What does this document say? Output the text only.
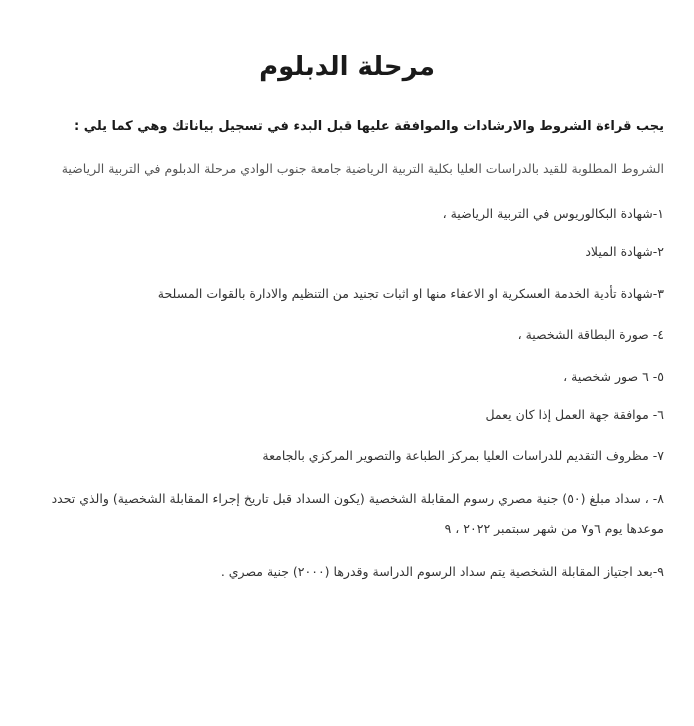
مرحلة الدبلوم
يجب قراءة الشروط والارشادات والموافقة عليها قبل البدء في تسجيل بياناتك وهي كما يلي :
الشروط المطلوبة للقيد بالدراسات العليا بكلية التربية الرياضية جامعة جنوب الوادي مرحلة الدبلوم في التربية الرياضية
١-شهادة البكالوريوس في التربية الرياضية ،
٢-شهادة الميلاد
٣-شهادة تأدية الخدمة العسكرية او الاعفاء منها او اثبات تجنيد من التنظيم والادارة بالقوات المسلحة
٤- صورة البطاقة الشخصية ،
٥- ٦ صور شخصية ،
٦- موافقة جهة العمل إذا كان يعمل
٧- مظروف التقديم للدراسات العليا بمركز الطباعة والتصوير المركزي بالجامعة
٨- ، سداد مبلغ (٥٠) جنية مصري رسوم المقابلة الشخصية (يكون السداد قبل تاريخ إجراء المقابلة الشخصية) والذي تحدد
موعدها يوم ٦و٧ من شهر سبتمبر ٢٠٢٢ ، ٩
٩-بعد اجتياز المقابلة الشخصية يتم سداد الرسوم الدراسة وقدرها (٢٠٠٠) جنية مصري .
